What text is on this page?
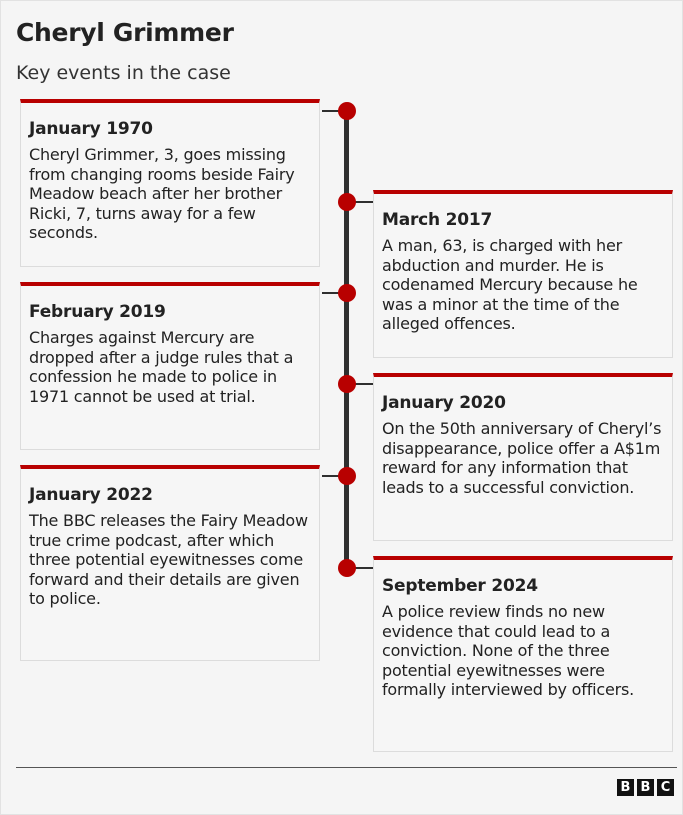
Cheryl Grimmer
Key events in the case
January 1970
Cheryl Grimmer, 3, goes missing from changing rooms beside Fairy Meadow beach after her brother Ricki, 7, turns away for a few seconds.
March 2017
A man, 63, is charged with her abduction and murder. He is codenamed Mercury because he was a minor at the time of the alleged offences.
February 2019
Charges against Mercury are dropped after a judge rules that a confession he made to police in 1971 cannot be used at trial.	January 2020
On the 50th anniversary of Cheryl’s disappearance, police offer a A$1m reward for any information that leads to a successful conviction.
January 2022
The BBC releases the Fairy Meadow true crime podcast, after which three potential eyewitnesses come forward and their details are given to police.
September 2024
A police review finds no new evidence that could lead to a conviction. None of the three potential eyewitnesses were formally interviewed by officers.
B B C
